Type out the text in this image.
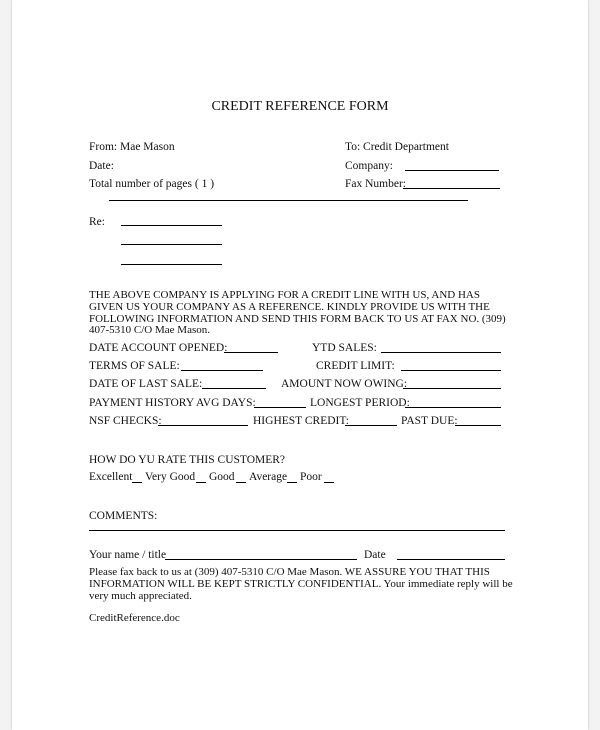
CREDIT REFERENCE FORM
From: Mae Mason	To: Credit Department
Date:	Company:
Total number of pages ( 1 )	Fax Number:
Re:
THE ABOVE COMPANY IS APPLYING FOR A CREDIT LINE WITH US, AND HAS
GIVEN US YOUR COMPANY AS A REFERENCE. KINDLY PROVIDE US WITH THE
FOLLOWING INFORMATION AND SEND THIS FORM BACK TO US AT FAX NO. (309)
407-5310 C/O Mae Mason.
DATE ACCOUNT OPENED:	YTD SALES:
TERMS OF SALE:	CREDIT LIMIT:
DATE OF LAST SALE:	AMOUNT NOW OWING:
PAYMENT HISTORY AVG DAYS:	LONGEST PERIOD:
NSF CHECKS:	HIGHEST CREDIT:	PAST DUE:
HOW DO YU RATE THIS CUSTOMER?
Excellent Very Good Good Average Poor
COMMENTS:
Your name / title	Date
Please fax back to us at (309) 407-5310 C/O Mae Mason. WE ASSURE YOU THAT THIS
INFORMATION WILL BE KEPT STRICTLY CONFIDENTIAL. Your immediate reply will be
very much appreciated.
CreditReference.doc
